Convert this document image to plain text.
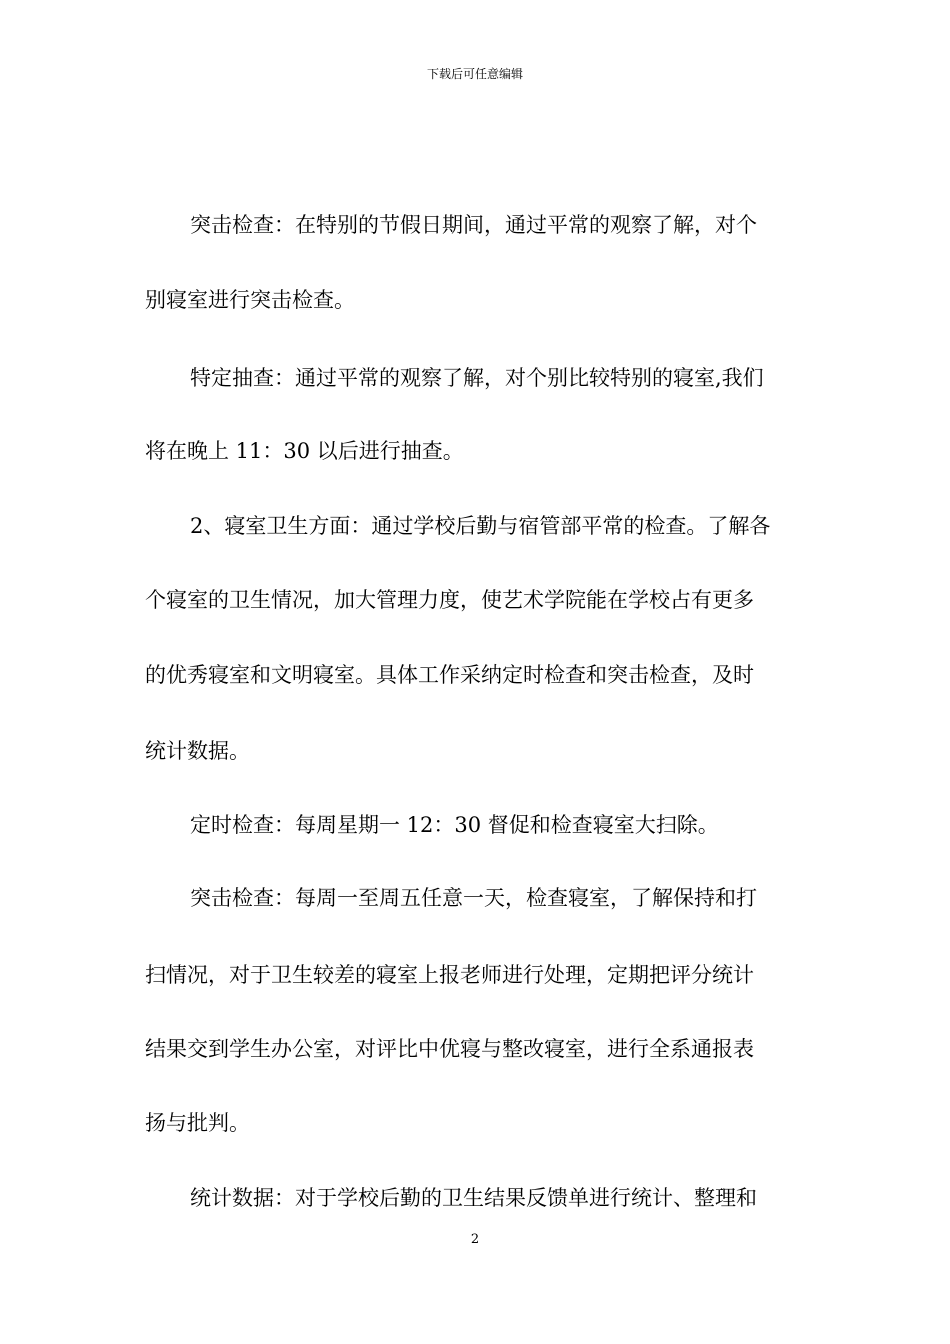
下载后可任意编辑
突击检查：在特别的节假日期间，通过平常的观察了解，对个
别寝室进行突击检查。
特定抽查：通过平常的观察了解，对个别比较特别的寝室,我们
将在晚上 11：30 以后进行抽查。
2、寝室卫生方面：通过学校后勤与宿管部平常的检查。了解各
个寝室的卫生情况，加大管理力度，使艺术学院能在学校占有更多
的优秀寝室和文明寝室。具体工作采纳定时检查和突击检查，及时
统计数据。
定时检查：每周星期一 12：30 督促和检查寝室大扫除。
突击检查：每周一至周五任意一天，检查寝室，了解保持和打
扫情况，对于卫生较差的寝室上报老师进行处理，定期把评分统计
结果交到学生办公室，对评比中优寝与整改寝室，进行全系通报表
扬与批判。
统计数据：对于学校后勤的卫生结果反馈单进行统计、整理和
2
